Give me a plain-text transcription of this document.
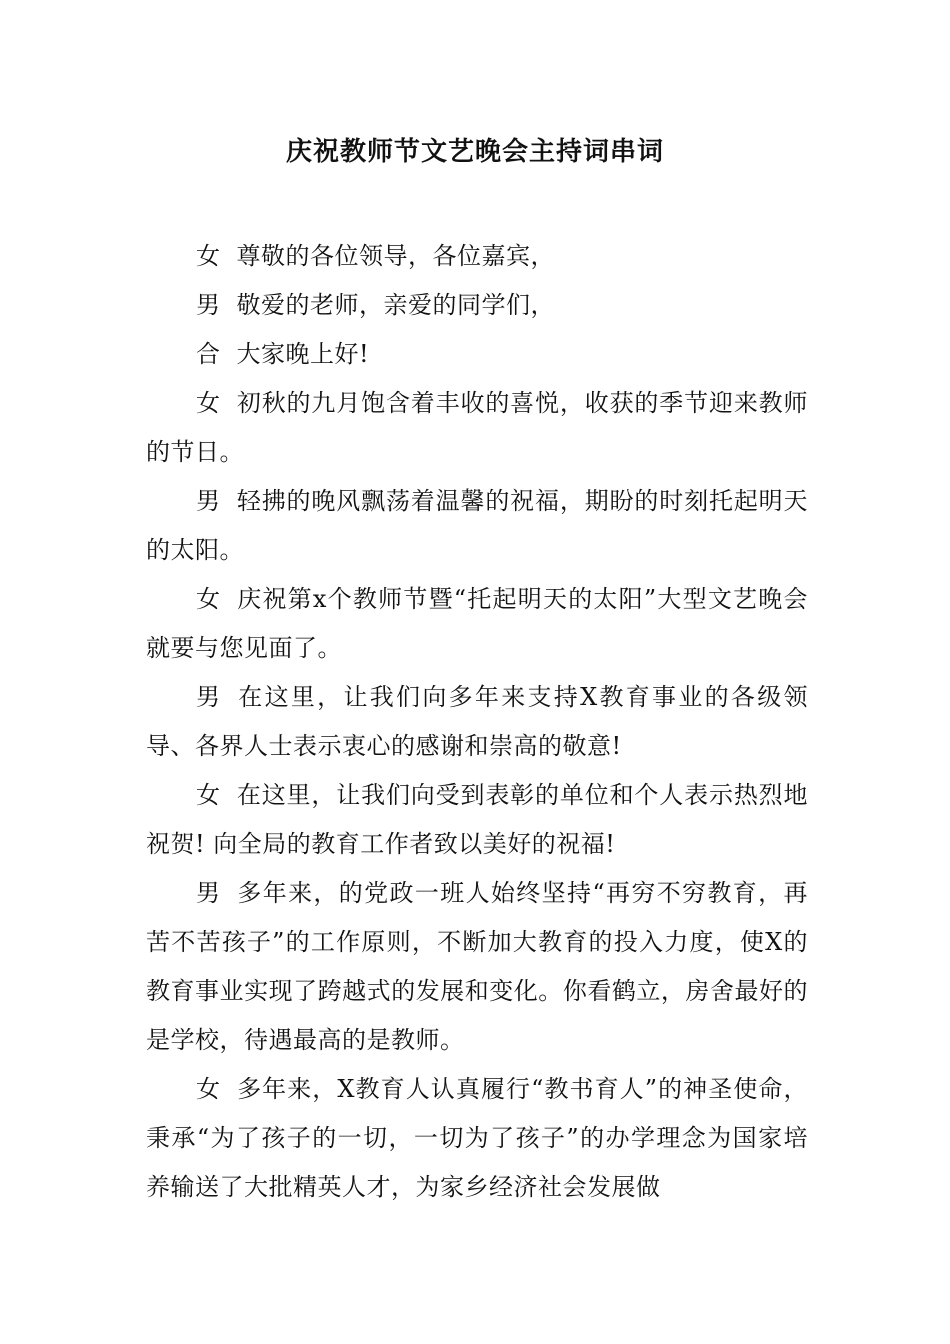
庆祝教师节文艺晚会主持词串词

女 尊敬的各位领导，各位嘉宾，

男 敬爱的老师，亲爱的同学们，

合 大家晚上好!

女 初秋的九月饱含着丰收的喜悦，收获的季节迎来教师的节日。

男 轻拂的晚风飘荡着温馨的祝福，期盼的时刻托起明天的太阳。

女 庆祝第x个教师节暨“托起明天的太阳”大型文艺晚会就要与您见面了。

男 在这里，让我们向多年来支持X教育事业的各级领导、各界人士表示衷心的感谢和崇高的敬意!

女 在这里，让我们向受到表彰的单位和个人表示热烈地祝贺! 向全局的教育工作者致以美好的祝福!

男 多年来，的党政一班人始终坚持“再穷不穷教育，再苦不苦孩子”的工作原则，不断加大教育的投入力度，使X的教育事业实现了跨越式的发展和变化。你看鹤立，房舍最好的是学校，待遇最高的是教师。

女 多年来，X教育人认真履行“教书育人”的神圣使命，秉承“为了孩子的一切，一切为了孩子”的办学理念为国家培养输送了大批精英人才，为家乡经济社会发展做
